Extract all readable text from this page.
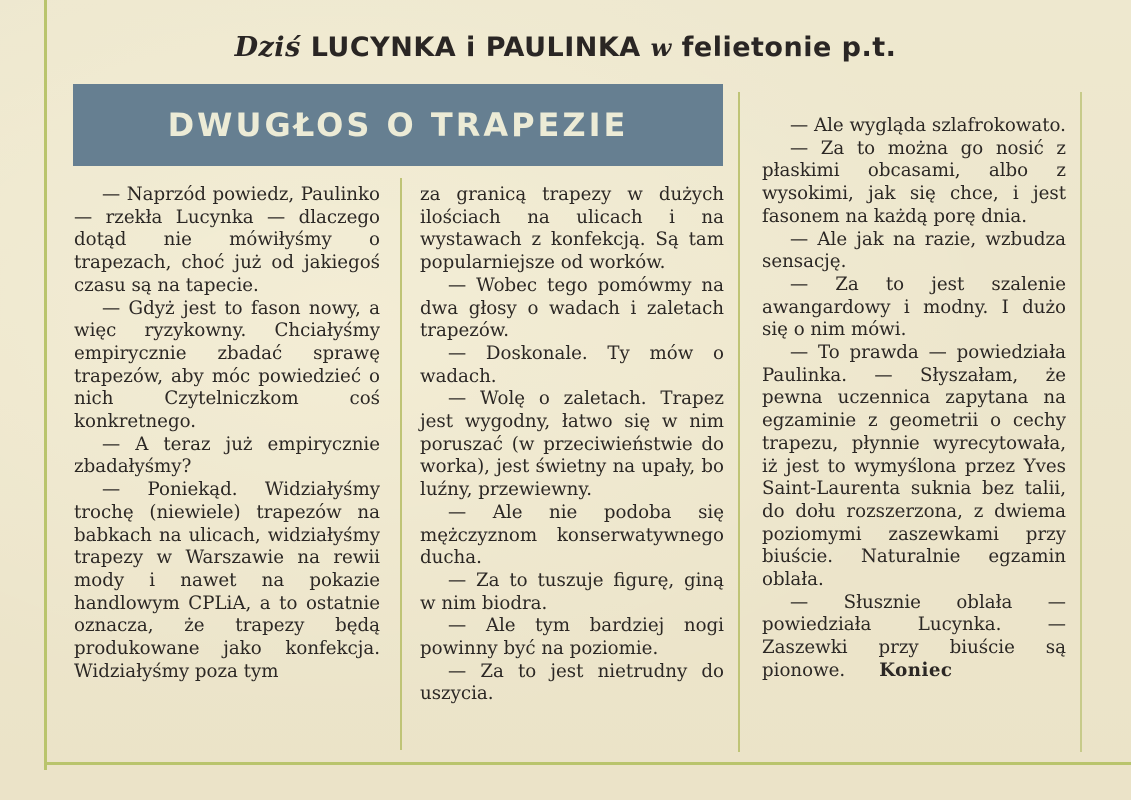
Dziś LUCYNKA i PAULINKA w felietonie p.t.
DWUGŁOS O TRAPEZIE

— Naprzód powiedz, Paulinko — rzekła Lucynka — dlaczego dotąd nie mówiłyśmy o trapezach, choć już od jakiegoś czasu są na tapecie.

— Gdyż jest to fason nowy, a więc ryzykowny. Chciałyśmy empirycznie zbadać sprawę trapezów, aby móc powiedzieć o nich Czytelniczkom coś konkretnego.

— A teraz już empirycznie zbadałyśmy?

— Poniekąd. Widziałyśmy trochę (niewiele) trapezów na babkach na ulicach, widziałyśmy trapezy w Warszawie na rewii mody i nawet na pokazie handlowym CPLiA, a to ostatnie oznacza, że trapezy będą produkowane jako konfekcja. Widziałyśmy poza tym

za granicą trapezy w dużych ilościach na ulicach i na wystawach z konfekcją. Są tam popularniejsze od worków.

— Wobec tego pomówmy na dwa głosy o wadach i zaletach trapezów.

— Doskonale. Ty mów o wadach.

— Wolę o zaletach. Trapez jest wygodny, łatwo się w nim poruszać (w przeciwieństwie do worka), jest świetny na upały, bo luźny, przewiewny.

— Ale nie podoba się mężczyznom konserwatywnego ducha.

— Za to tuszuje figurę, giną w nim biodra.

— Ale tym bardziej nogi powinny być na poziomie.

— Za to jest nietrudny do uszycia.

— Ale wygląda szlafrokowato.

— Za to można go nosić z płaskimi obcasami, albo z wysokimi, jak się chce, i jest fasonem na każdą porę dnia.

— Ale jak na razie, wzbudza sensację.

— Za to jest szalenie awangardowy i modny. I dużo się o nim mówi.

— To prawda — powiedziała Paulinka. — Słyszałam, że pewna uczennica zapytana na egzaminie z geometrii o cechy trapezu, płynnie wyrecytowała, iż jest to wymyślona przez Yves Saint-Laurenta suknia bez talii, do dołu rozszerzona, z dwiema poziomymi zaszewkami przy biuście. Naturalnie egzamin oblała.

— Słusznie oblała — powiedziała Lucynka. — Zaszewki przy biuście są pionowe. Koniec
